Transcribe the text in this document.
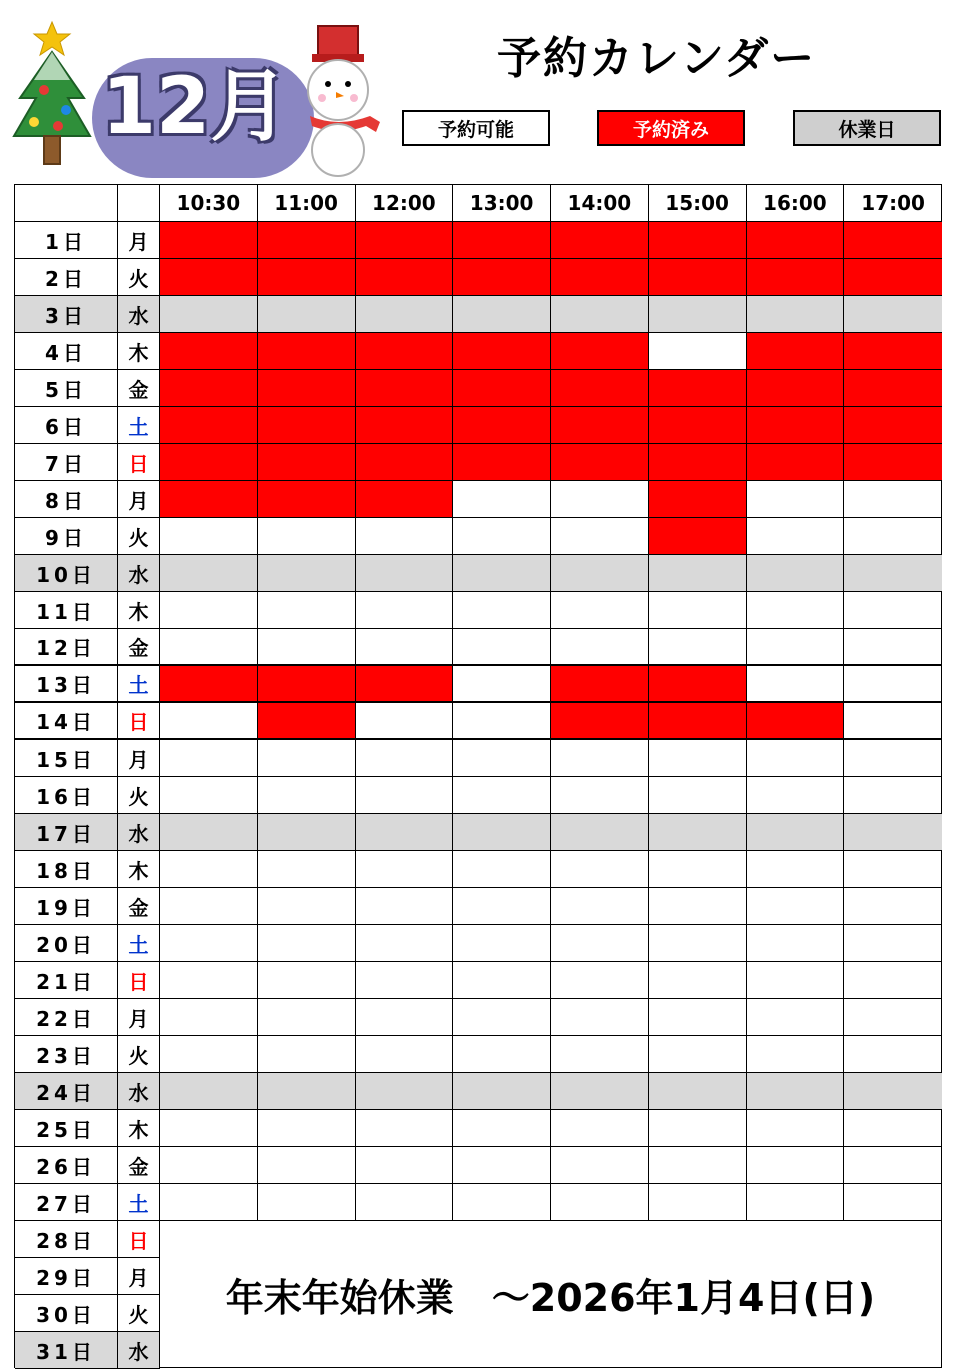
12月
予約カレンダー
予約可能	予約済み	休業日
10:30	11:00	12:00	13:00	14:00	15:00	16:00	17:00
1日	月
2日	火
3日	水
4日	木
5日	金
6日	土
7日	日
8日	月
9日	火
10日	水
11日	木
12日	金
13日	土
14日	日
15日	月
16日	火
17日	水
18日	木
19日	金
20日	土
21日	日
22日	月
23日	火
24日	水
25日	木
26日	金
27日	土
28日	日
29日	月
30日	火
31日	水
年末年始休業　～2026年1月4日(日)
